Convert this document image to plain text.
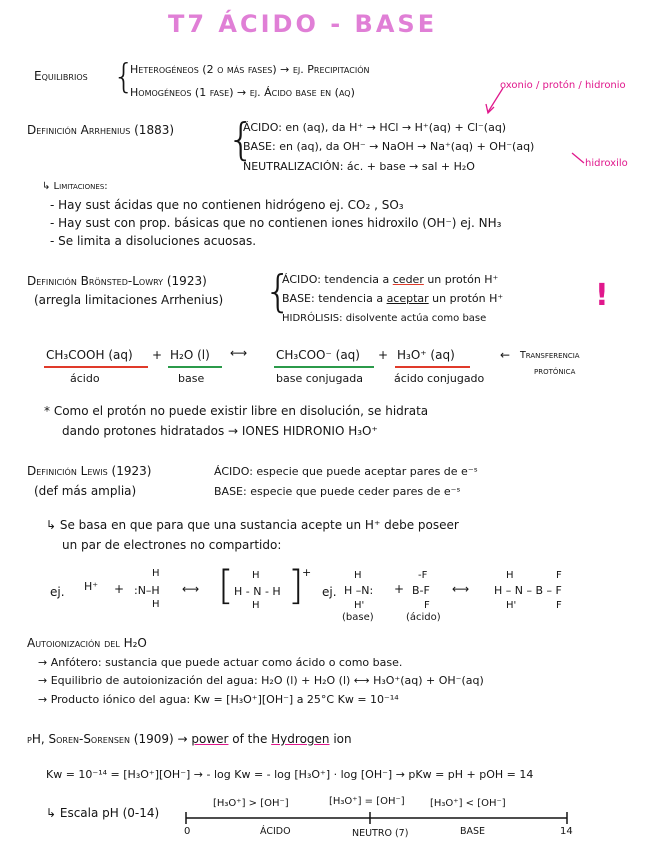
T7 ÁCIDO - BASE
Equilibrios {
Heterogéneos (2 o más fases) → ej. Precipitación
Homogéneos (1 fase) → ej. Ácido base en (aq)
oxonio / protón / hidronio
Definición Arrhenius (1883) {
ÁCIDO: en (aq), da H⁺ → HCl → H⁺(aq) + Cl⁻(aq)
BASE: en (aq), da OH⁻ → NaOH → Na⁺(aq) + OH⁻(aq)
NEUTRALIZACIÓN: ác. + base → sal + H₂O	hidroxilo
↳ Limitaciones:
- Hay sust ácidas que no contienen hidrógeno ej. CO₂ , SO₃
- Hay sust con prop. básicas que no contienen iones hidroxilo (OH⁻) ej. NH₃
- Se limita a disoluciones acuosas.
Definición Brönsted-Lowry (1923)
(arregla limitaciones Arrhenius) {
ÁCIDO: tendencia a ceder un protón H⁺
BASE: tendencia a aceptar un protón H⁺
HIDRÓLISIS: disolvente actúa como base
!
CH₃COOH (aq) + H₂O (l) ⟷ CH₃COO⁻ (aq) + H₃O⁺ (aq)	← Transferencia
protónica
ácido	base	base conjugada	ácido conjugado
* Como el protón no puede existir libre en disolución, se hidrata
dando protones hidratados → IONES HIDRONIO H₃O⁺
Definición Lewis (1923)
(def más amplia)
ÁCIDO: especie que puede aceptar pares de e⁻ˢ
BASE: especie que puede ceder pares de e⁻ˢ
↳ Se basa en que para que una sustancia acepte un H⁺ debe poseer
un par de electrones no compartido:
ej. H⁺ +
H
:N–H
H
⟷ [ H
H - N - H
H ]
+
ej.
H
H –N:
H'
+
-F
B-F
F
⟷
H	F
H – N – B – F
H'	F
(base)	(ácido)
Autoionización del H₂O
→ Anfótero: sustancia que puede actuar como ácido o como base.
→ Equilibrio de autoionización del agua: H₂O (l) + H₂O (l) ⟷ H₃O⁺(aq) + OH⁻(aq)
→ Producto iónico del agua: Kw = [H₃O⁺][OH⁻] a 25°C Kw = 10⁻¹⁴
pH, Soren-Sorensen (1909) → power of the Hydrogen ion
Kw = 10⁻¹⁴ = [H₃O⁺][OH⁻] → - log Kw = - log [H₃O⁺] · log [OH⁻] → pKw = pH + pOH = 14
↳ Escala pH (0-14)
[H₃O⁺] > [OH⁻]	[H₃O⁺] = [OH⁻]	[H₃O⁺] < [OH⁻]
0	ÁCIDO	NEUTRO (7)	BASE	14
